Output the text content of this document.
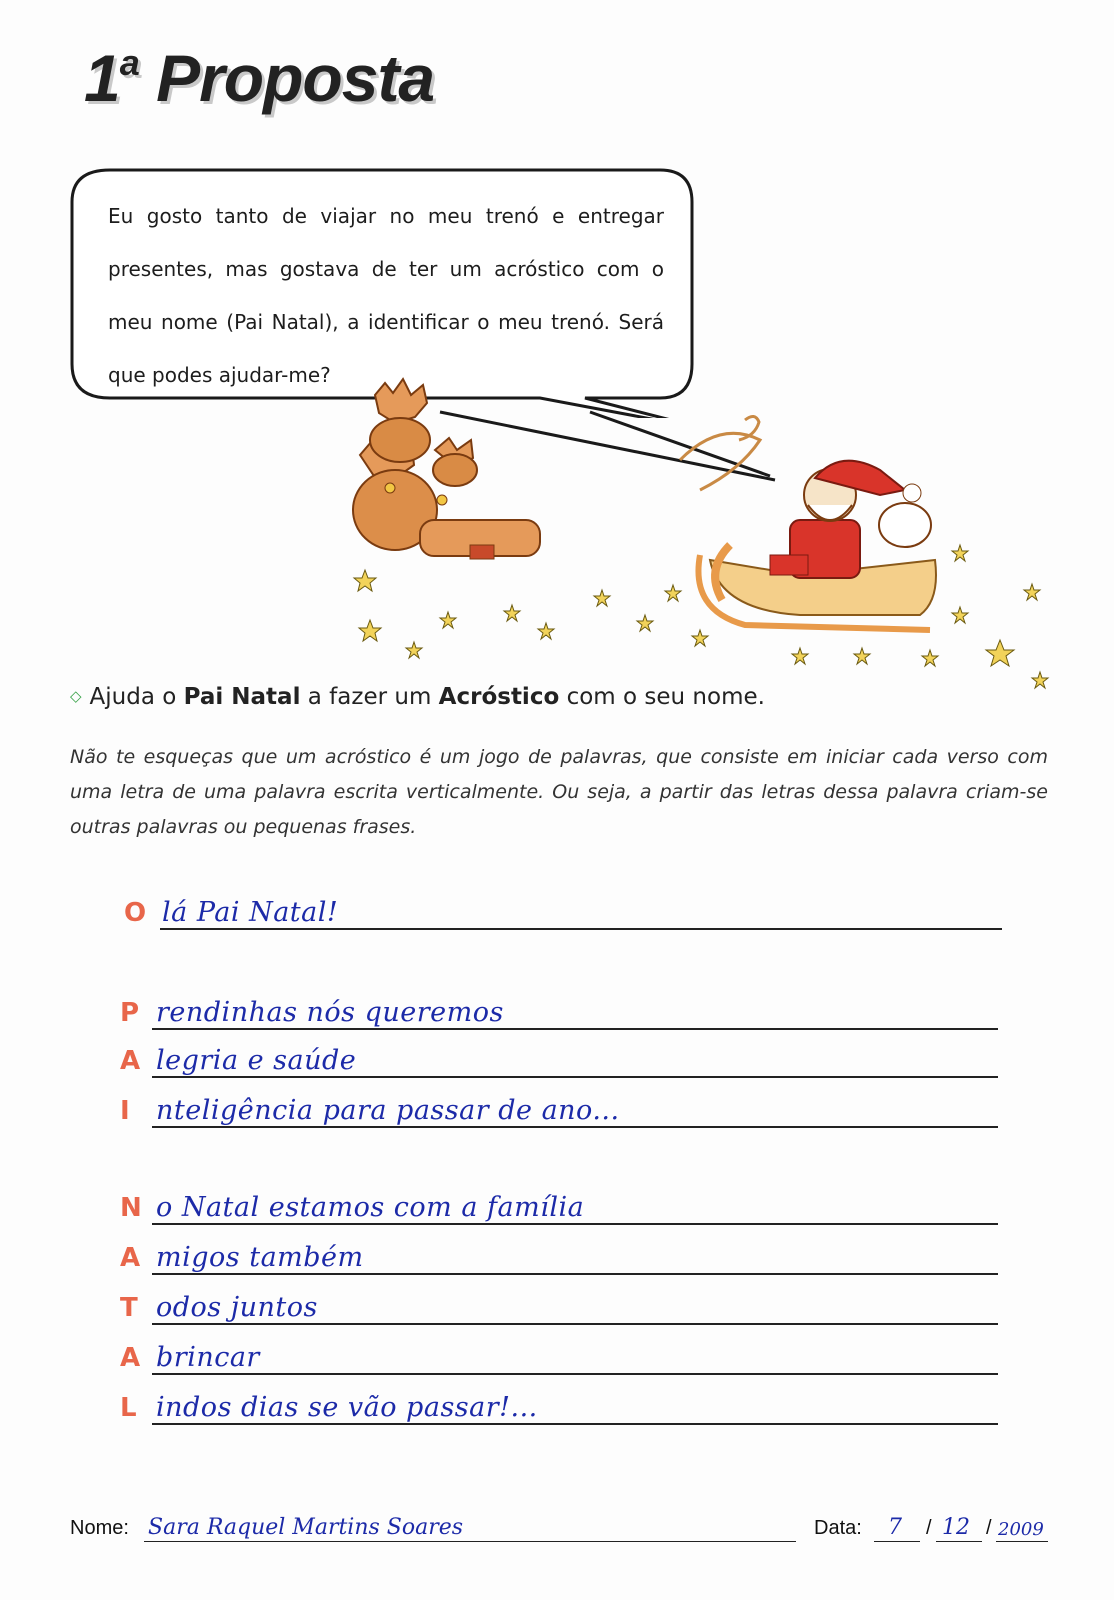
1$^a$ Proposta
Eu gosto tanto de viajar no meu trenó e entregar presentes, mas gostava de ter um acróstico com o meu nome (Pai Natal), a identificar o meu trenó. Será que podes ajudar-me?
◇ Ajuda o Pai Natal a fazer um Acróstico com o seu nome.
Não te esqueças que um acróstico é um jogo de palavras, que consiste em iniciar cada verso com uma letra de uma palavra escrita verticalmente. Ou seja, a partir das letras dessa palavra criam-se outras palavras ou pequenas frases.
O lá Pai Natal!
P rendinhas nós queremos
A legria e saúde
I nteligência para passar de ano...
N o Natal estamos com a família
A migos também
T odos juntos
A brincar
L indos dias se vão passar!...
Nome: Sara Raquel Martins Soares	Data: 7 / 12 / 2009
